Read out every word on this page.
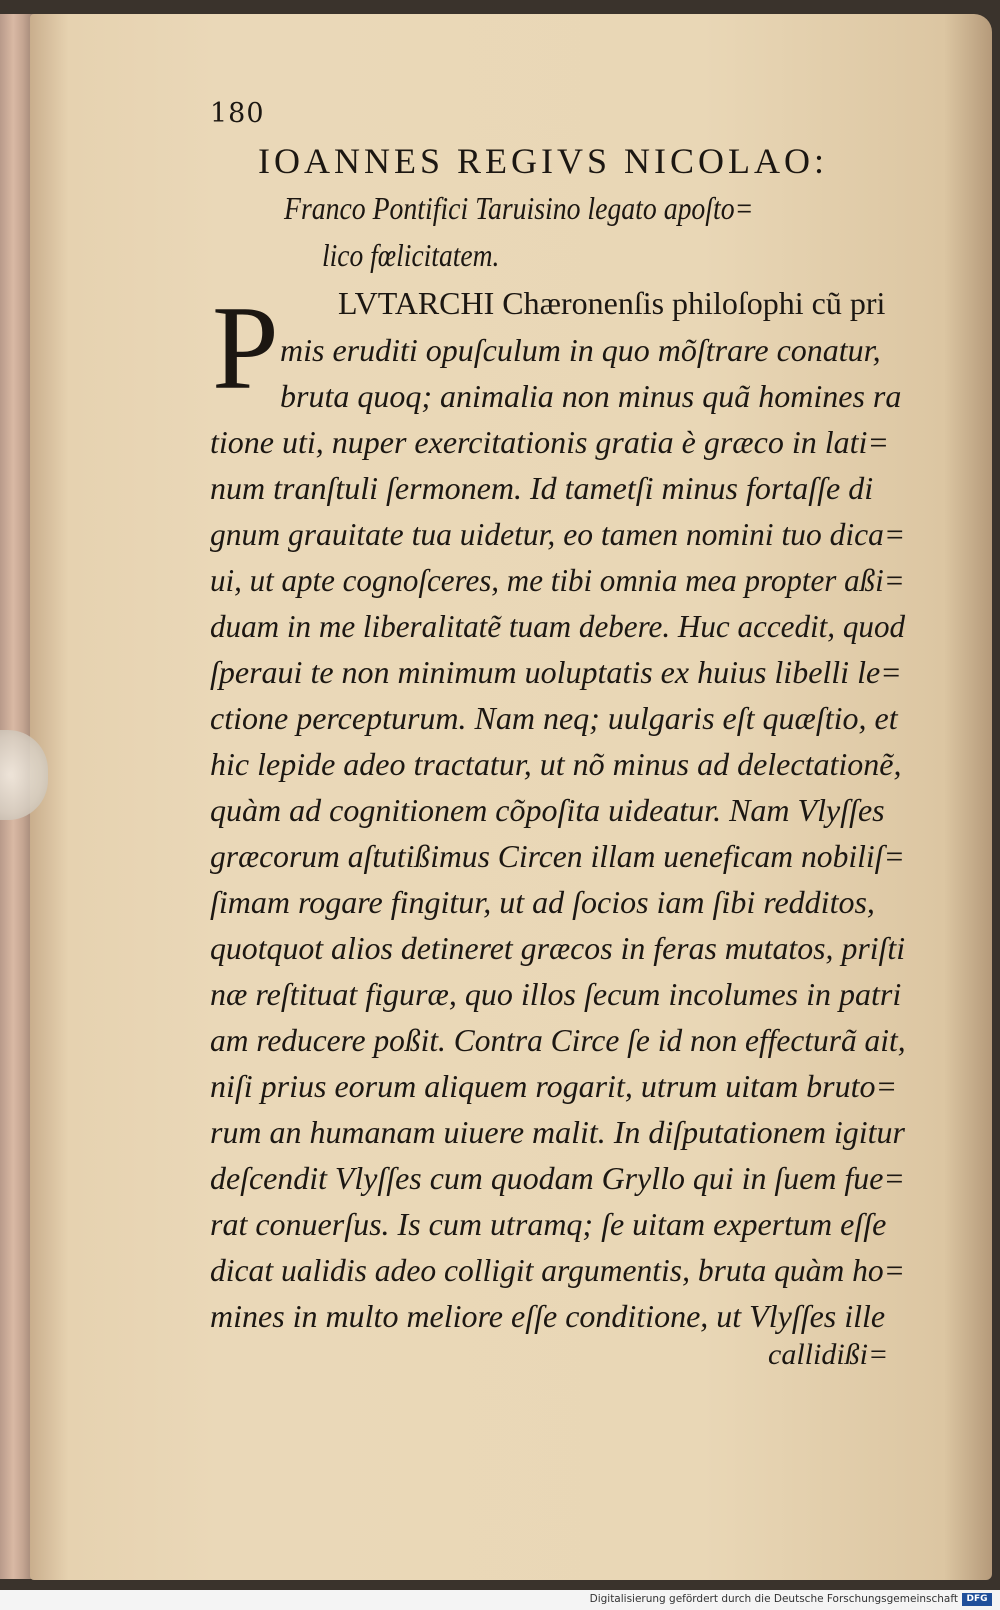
180
IOANNES REGIVS NICOLAO:
Franco Pontifici Taruisino legato apoſto=
lico fœlicitatem.
P LVTARCHI Chæronenſis philoſophi cũ pri
mis eruditi opuſculum in quo mõſtrare conatur,
bruta quoq; animalia non minus quã homines ra
tione uti, nuper exercitationis gratia è græco in lati=
num tranſtuli ſermonem. Id tametſi minus fortaſſe di
gnum grauitate tua uidetur, eo tamen nomini tuo dica=
ui, ut apte cognoſceres, me tibi omnia mea propter aßi=
duam in me liberalitatẽ tuam debere. Huc accedit, quod
ſperaui te non minimum uoluptatis ex huius libelli le=
ctione percepturum. Nam neq; uulgaris eſt quæſtio, et
hic lepide adeo tractatur, ut nõ minus ad delectationẽ,
quàm ad cognitionem cõpoſita uideatur. Nam Vlyſſes
græcorum aſtutißimus Circen illam ueneficam nobiliſ=
ſimam rogare fingitur, ut ad ſocios iam ſibi redditos,
quotquot alios detineret græcos in feras mutatos, priſti
næ reſtituat figuræ, quo illos ſecum incolumes in patri
am reducere poßit. Contra Circe ſe id non effecturã ait,
niſi prius eorum aliquem rogarit, utrum uitam bruto=
rum an humanam uiuere malit. In diſputationem igitur
deſcendit Vlyſſes cum quodam Gryllo qui in ſuem fue=
rat conuerſus. Is cum utramq; ſe uitam expertum eſſe
dicat ualidis adeo colligit argumentis, bruta quàm ho=
mines in multo meliore eſſe conditione, ut Vlyſſes ille
callidißi=
Digitalisierung gefördert durch die Deutsche Forschungsgemeinschaft DFG
